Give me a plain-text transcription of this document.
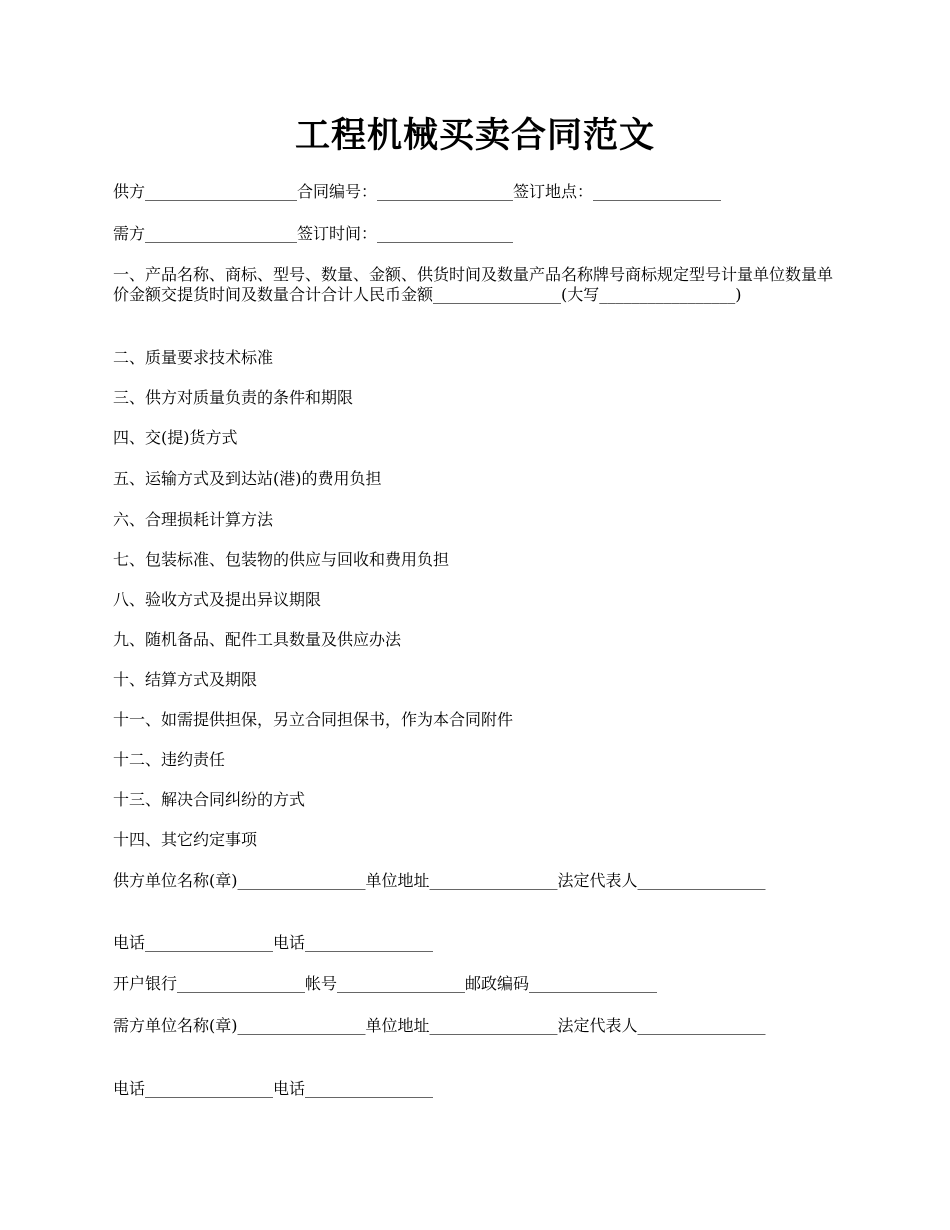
工程机械买卖合同范文
供方___________________合同编号：_________________签订地点：________________
需方___________________签订时间：_________________
一、产品名称、商标、型号、数量、金额、供货时间及数量产品名称牌号商标规定型号计量单位数量单价金额交提货时间及数量合计合计人民币金额________________(大写_________________)
二、质量要求技术标准
三、供方对质量负责的条件和期限
四、交(提)货方式
五、运输方式及到达站(港)的费用负担
六、合理损耗计算方法
七、包装标准、包装物的供应与回收和费用负担
八、验收方式及提出异议期限
九、随机备品、配件工具数量及供应办法
十、结算方式及期限
十一、如需提供担保，另立合同担保书，作为本合同附件
十二、违约责任
十三、解决合同纠纷的方式
十四、其它约定事项
供方单位名称(章)________________单位地址________________法定代表人________________
电话________________电话________________
开户银行________________帐号________________邮政编码________________
需方单位名称(章)________________单位地址________________法定代表人________________
电话________________电话________________
